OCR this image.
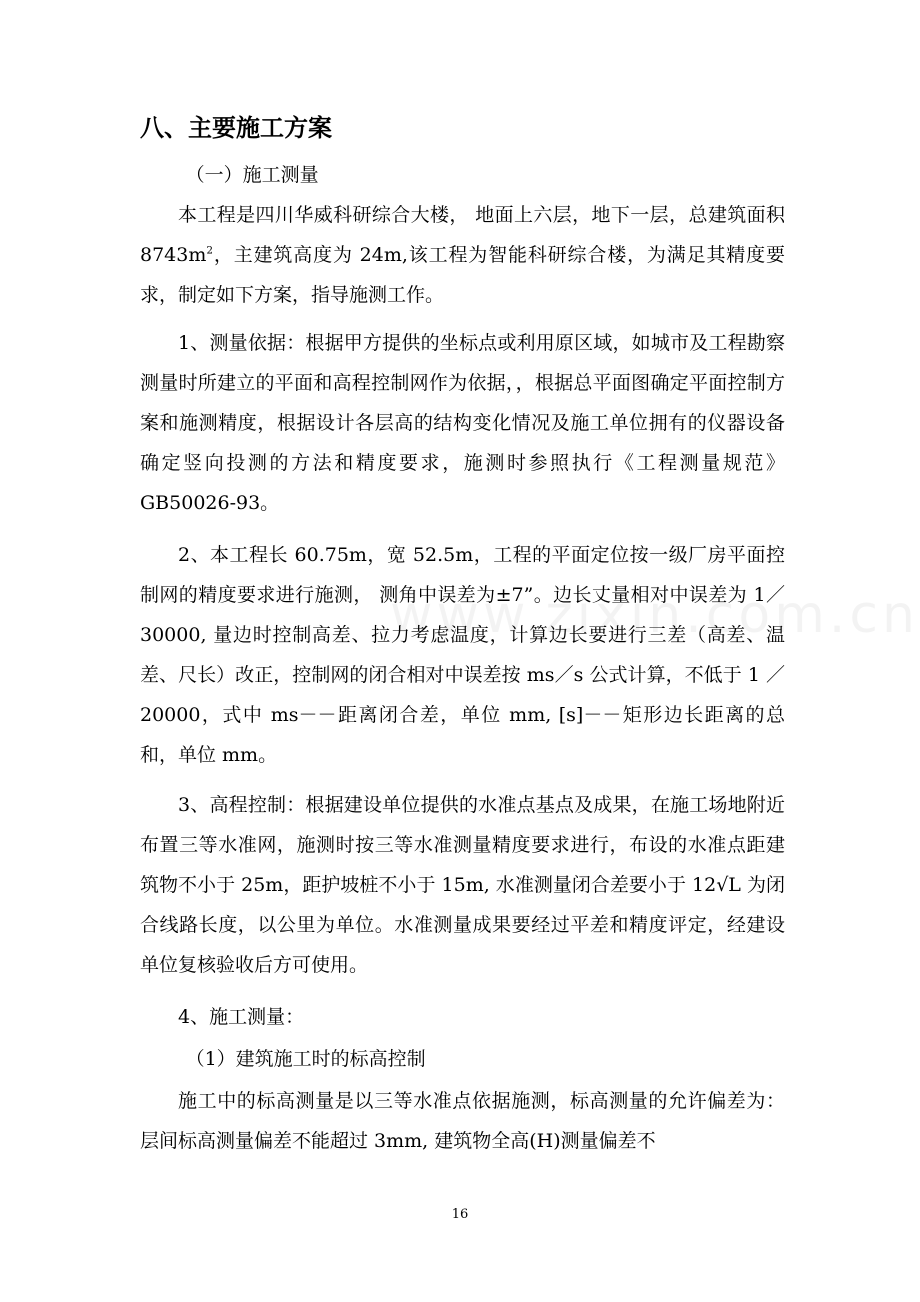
八、主要施工方案

（一）施工测量

本工程是四川华威科研综合大楼， 地面上六层，地下一层，总建筑面积 $8743m^2$，主建筑高度为 24m,该工程为智能科研综合楼，为满足其精度要求，制定如下方案，指导施测工作。

1、测量依据：根据甲方提供的坐标点或利用原区域，如城市及工程勘察测量时所建立的平面和高程控制网作为依据，，根据总平面图确定平面控制方案和施测精度，根据设计各层高的结构变化情况及施工单位拥有的仪器设备确定竖向投测的方法和精度要求，施测时参照执行《工程测量规范》GB50026-93。

2、本工程长 60.75m，宽 52.5m，工程的平面定位按一级厂房平面控制网的精度要求进行施测， 测角中误差为±7”。边长丈量相对中误差为 1／30000, 量边时控制高差、拉力考虑温度，计算边长要进行三差（高差、温差、尺长）改正，控制网的闭合相对中误差按 ms／s 公式计算，不低于 1 ／20000，式中 ms－－距离闭合差，单位 mm, [s]－－矩形边长距离的总和，单位 mm。

3、高程控制：根据建设单位提供的水准点基点及成果，在施工场地附近布置三等水准网，施测时按三等水准测量精度要求进行，布设的水准点距建筑物不小于 25m，距护坡桩不小于 15m, 水准测量闭合差要小于 12√L 为闭合线路长度，以公里为单位。水准测量成果要经过平差和精度评定，经建设单位复核验收后方可使用。

4、施工测量：

（1）建筑施工时的标高控制

施工中的标高测量是以三等水准点依据施测，标高测量的允许偏差为：层间标高测量偏差不能超过 3mm, 建筑物全高(H)测量偏差不

16
